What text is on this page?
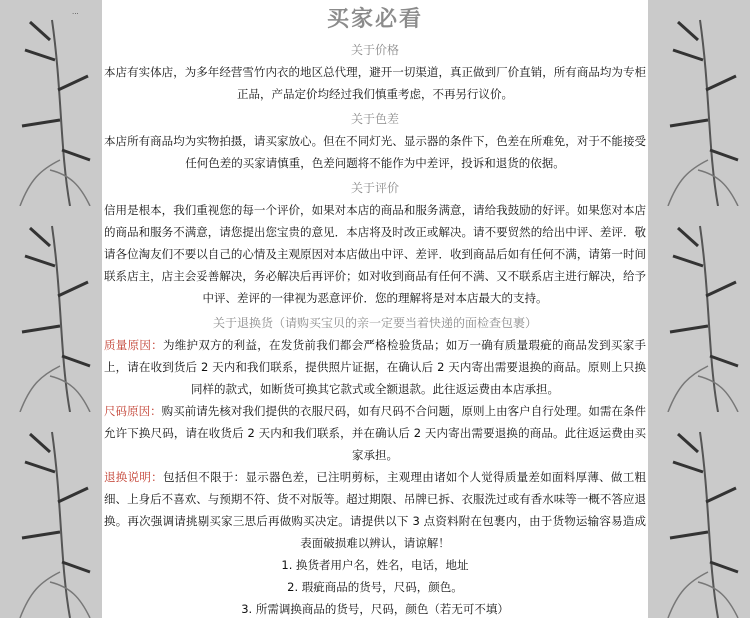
···	买家必看
关于价格

本店有实体店，为多年经营雪竹内衣的地区总代理，避开一切渠道，真正做到厂价直销，所有商品均为专柜正品，产品定价均经过我们慎重考虑，不再另行议价。

关于色差

本店所有商品均为实物拍摄，请买家放心。但在不同灯光、显示器的条件下，色差在所难免，对于不能接受任何色差的买家请慎重，色差问题将不能作为中差评，投诉和退货的依据。

关于评价

信用是根本，我们重视您的每一个评价，如果对本店的商品和服务满意，请给我鼓励的好评。如果您对本店的商品和服务不满意，请您提出您宝贵的意见．本店将及时改正或解决。请不要贸然的给出中评、差评．敬请各位淘友们不要以自己的心情及主观原因对本店做出中评、差评．收到商品后如有任何不满，请第一时间联系店主，店主会妥善解决，务必解决后再评价；如对收到商品有任何不满、又不联系店主进行解决，给予中评、差评的一律视为恶意评价．您的理解将是对本店最大的支持。

关于退换货（请购买宝贝的亲一定要当着快递的面检查包裹）

质量原因：为维护双方的利益，在发货前我们都会严格检验货品；如万一确有质量瑕疵的商品发到买家手上，请在收到货后 2 天内和我们联系，提供照片证据，在确认后 2 天内寄出需要退换的商品。原则上只换同样的款式，如断货可换其它款式或全额退款。此往返运费由本店承担。

尺码原因：购买前请先核对我们提供的衣服尺码，如有尺码不合问题，原则上由客户自行处理。如需在条件允许下换尺码，请在收货后 2 天内和我们联系，并在确认后 2 天内寄出需要退换的商品。此往返运费由买家承担。

退换说明：包括但不限于：显示器色差，已注明剪标，主观理由诸如个人觉得质量差如面料厚薄、做工粗细、上身后不喜欢、与预期不符、货不对版等。超过期限、吊牌已拆、衣服洗过或有香水味等一概不答应退换。再次强调请挑剔买家三思后再做购买决定。请提供以下 3 点资料附在包裹内，由于货物运输容易造成表面破损难以辨认，请谅解！

1. 换货者用户名，姓名，电话，地址

2. 瑕疵商品的货号，尺码，颜色。

3. 所需调换商品的货号，尺码，颜色（若无可不填）
